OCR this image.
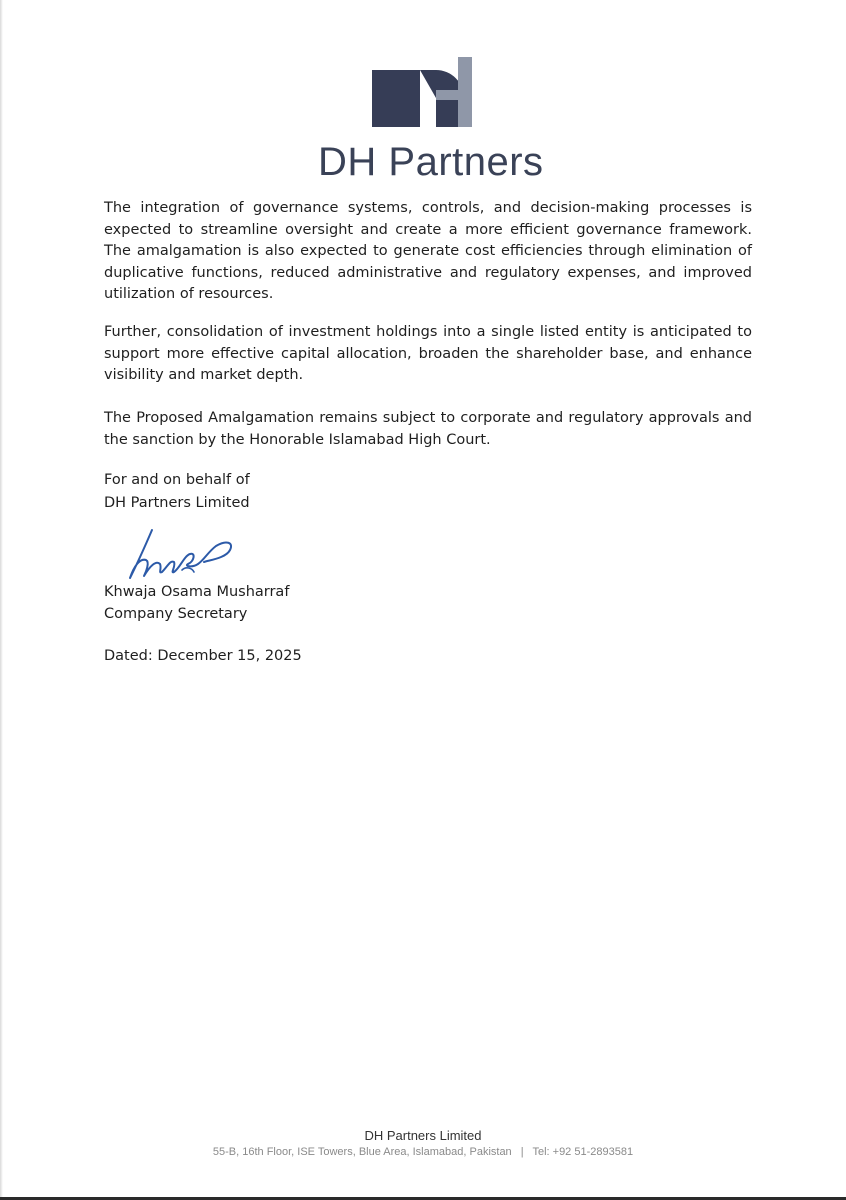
DH Partners

The integration of governance systems, controls, and decision-making processes is expected to streamline oversight and create a more efficient governance framework. The amalgamation is also expected to generate cost efficiencies through elimination of duplicative functions, reduced administrative and regulatory expenses, and improved utilization of resources.

Further, consolidation of investment holdings into a single listed entity is anticipated to support more effective capital allocation, broaden the shareholder base, and enhance visibility and market depth.

The Proposed Amalgamation remains subject to corporate and regulatory approvals and the sanction by the Honorable Islamabad High Court.

For and on behalf of

DH Partners Limited

Khwaja Osama Musharraf

Company Secretary

Dated: December 15, 2025

DH Partners Limited
55-B, 16th Floor, ISE Towers, Blue Area, Islamabad, Pakistan | Tel: +92 51-2893581
